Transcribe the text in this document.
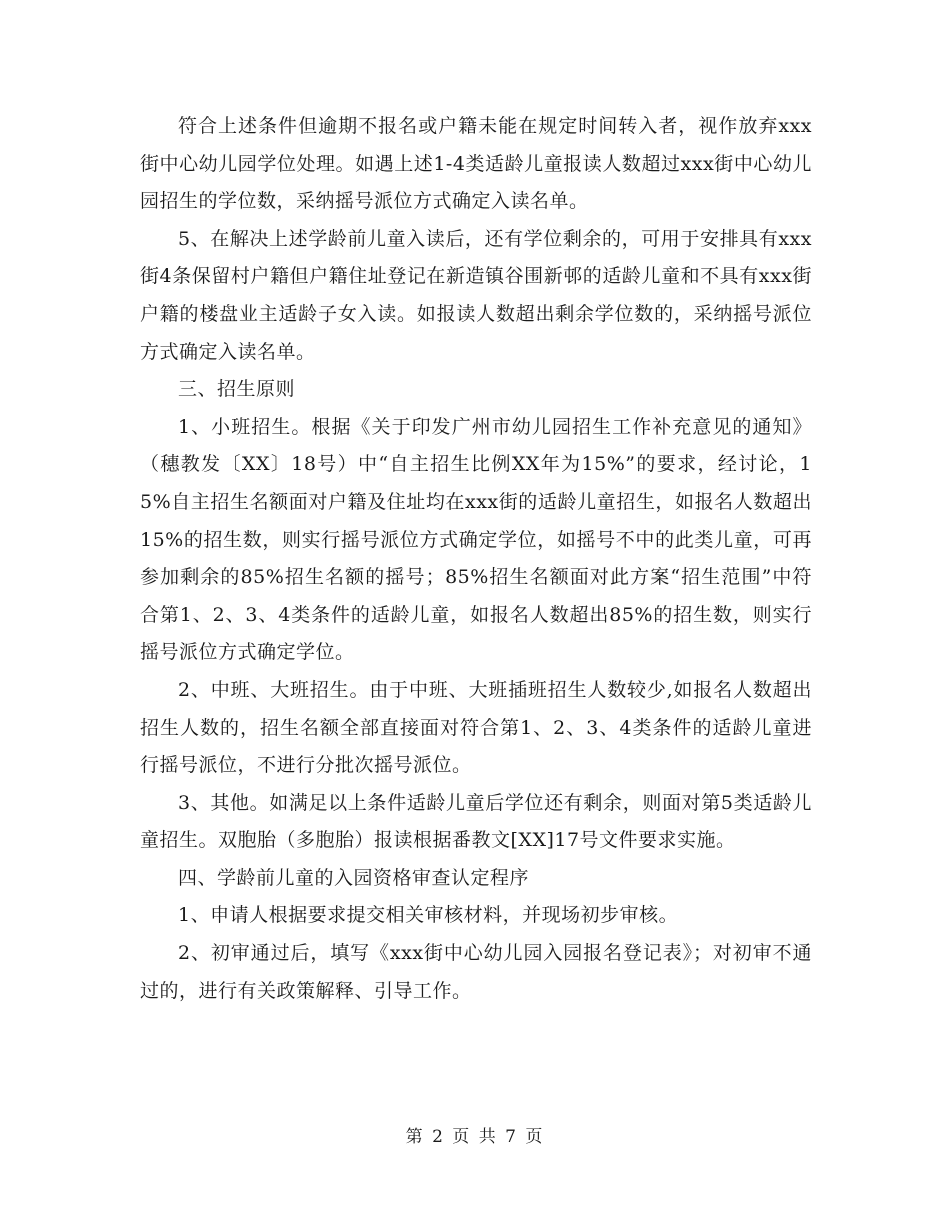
符合上述条件但逾期不报名或户籍未能在规定时间转入者，视作放弃xxx街中心幼儿园学位处理。如遇上述1-4类适龄儿童报读人数超过xxx街中心幼儿园招生的学位数，采纳摇号派位方式确定入读名单。

5、在解决上述学龄前儿童入读后，还有学位剩余的，可用于安排具有xxx街4条保留村户籍但户籍住址登记在新造镇谷围新邨的适龄儿童和不具有xxx街户籍的楼盘业主适龄子女入读。如报读人数超出剩余学位数的，采纳摇号派位方式确定入读名单。

三、招生原则

1、小班招生。根据《关于印发广州市幼儿园招生工作补充意见的通知》（穗教发〔XX〕18号）中“自主招生比例XX年为15%”的要求，经讨论，15%自主招生名额面对户籍及住址均在xxx街的适龄儿童招生，如报名人数超出15%的招生数，则实行摇号派位方式确定学位，如摇号不中的此类儿童，可再参加剩余的85%招生名额的摇号；85%招生名额面对此方案“招生范围”中符合第1、2、3、4类条件的适龄儿童，如报名人数超出85%的招生数，则实行摇号派位方式确定学位。

2、中班、大班招生。由于中班、大班插班招生人数较少,如报名人数超出招生人数的，招生名额全部直接面对符合第1、2、3、4类条件的适龄儿童进行摇号派位，不进行分批次摇号派位。

3、其他。如满足以上条件适龄儿童后学位还有剩余，则面对第5类适龄儿童招生。双胞胎（多胞胎）报读根据番教文[XX]17号文件要求实施。

四、学龄前儿童的入园资格审查认定程序

1、申请人根据要求提交相关审核材料，并现场初步审核。

2、初审通过后，填写《xxx街中心幼儿园入园报名登记表》；对初审不通过的，进行有关政策解释、引导工作。

第 2 页 共 7 页
